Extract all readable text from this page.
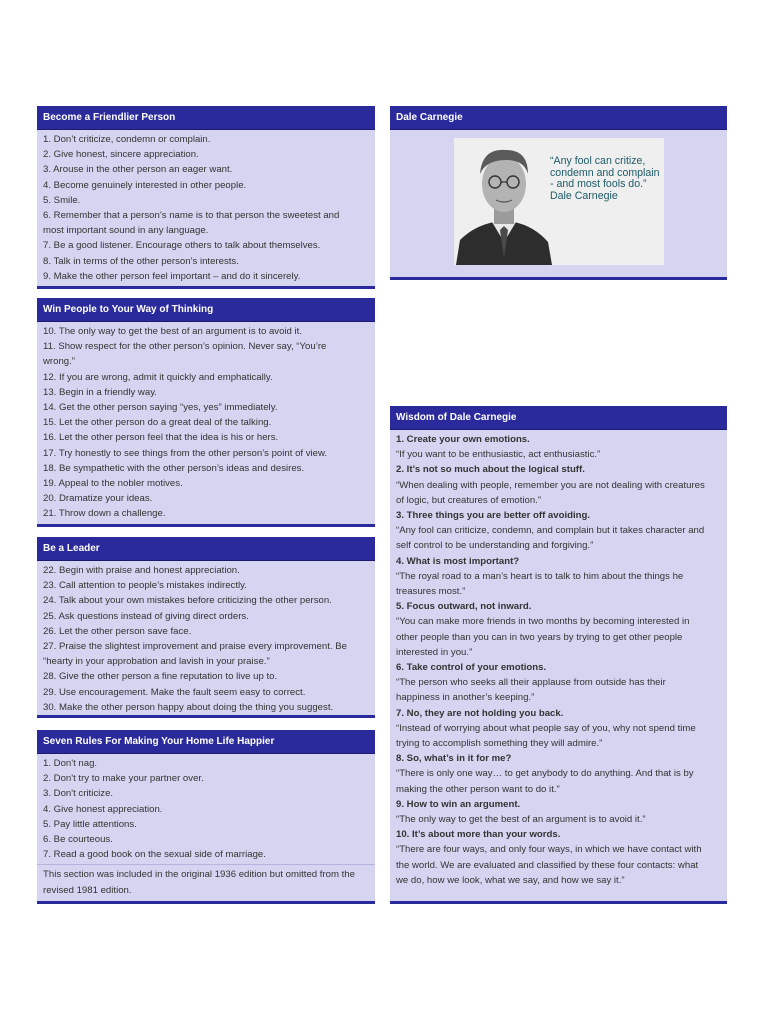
Become a Friendlier Person
1. Don’t criticize, condemn or complain.
2. Give honest, sincere appreciation.
3. Arouse in the other person an eager want.
4. Become genuinely interested in other people.
5. Smile.
6. Remember that a person’s name is to that person the sweetest and
most important sound in any language.
7. Be a good listener. Encourage others to talk about themselves.
8. Talk in terms of the other person’s interests.
9. Make the other person feel important – and do it sincerely.
Win People to Your Way of Thinking
10. The only way to get the best of an argument is to avoid it.
11. Show respect for the other person’s opinion. Never say, “You’re
wrong.”
12. If you are wrong, admit it quickly and emphatically.
13. Begin in a friendly way.
14. Get the other person saying “yes, yes” immediately.
15. Let the other person do a great deal of the talking.
16. Let the other person feel that the idea is his or hers.
17. Try honestly to see things from the other person’s point of view.
18. Be sympathetic with the other person’s ideas and desires.
19. Appeal to the nobler motives.
20. Dramatize your ideas.
21. Throw down a challenge.
Be a Leader
22. Begin with praise and honest appreciation.
23. Call attention to people’s mistakes indirectly.
24. Talk about your own mistakes before criticizing the other person.
25. Ask questions instead of giving direct orders.
26. Let the other person save face.
27. Praise the slightest improvement and praise every improvement. Be
“hearty in your approbation and lavish in your praise.”
28. Give the other person a fine reputation to live up to.
29. Use encouragement. Make the fault seem easy to correct.
30. Make the other person happy about doing the thing you suggest.
Seven Rules For Making Your Home Life Happier
1. Don't nag.
2. Don't try to make your partner over.
3. Don't criticize.
4. Give honest appreciation.
5. Pay little attentions.
6. Be courteous.
7. Read a good book on the sexual side of marriage.
This section was included in the original 1936 edition but omitted from the
revised 1981 edition.
Dale Carnegie
“Any fool can critize,
condemn and complain
- and most fools do.”
Dale Carnegie
Wisdom of Dale Carnegie
1. Create your own emotions.
“If you want to be enthusiastic, act enthusiastic.”
2. It’s not so much about the logical stuff.
“When dealing with people, remember you are not dealing with creatures
of logic, but creatures of emotion.”
3. Three things you are better off avoiding.
“Any fool can criticize, condemn, and complain but it takes character and
self control to be understanding and forgiving.”
4. What is most important?
“The royal road to a man’s heart is to talk to him about the things he
treasures most.”
5. Focus outward, not inward.
“You can make more friends in two months by becoming interested in
other people than you can in two years by trying to get other people
interested in you.”
6. Take control of your emotions.
“The person who seeks all their applause from outside has their
happiness in another’s keeping.”
7. No, they are not holding you back.
“Instead of worrying about what people say of you, why not spend time
trying to accomplish something they will admire.”
8. So, what’s in it for me?
“There is only one way… to get anybody to do anything. And that is by
making the other person want to do it.”
9. How to win an argument.
“The only way to get the best of an argument is to avoid it.”
10. It’s about more than your words.
“There are four ways, and only four ways, in which we have contact with
the world. We are evaluated and classified by these four contacts: what
we do, how we look, what we say, and how we say it.”
